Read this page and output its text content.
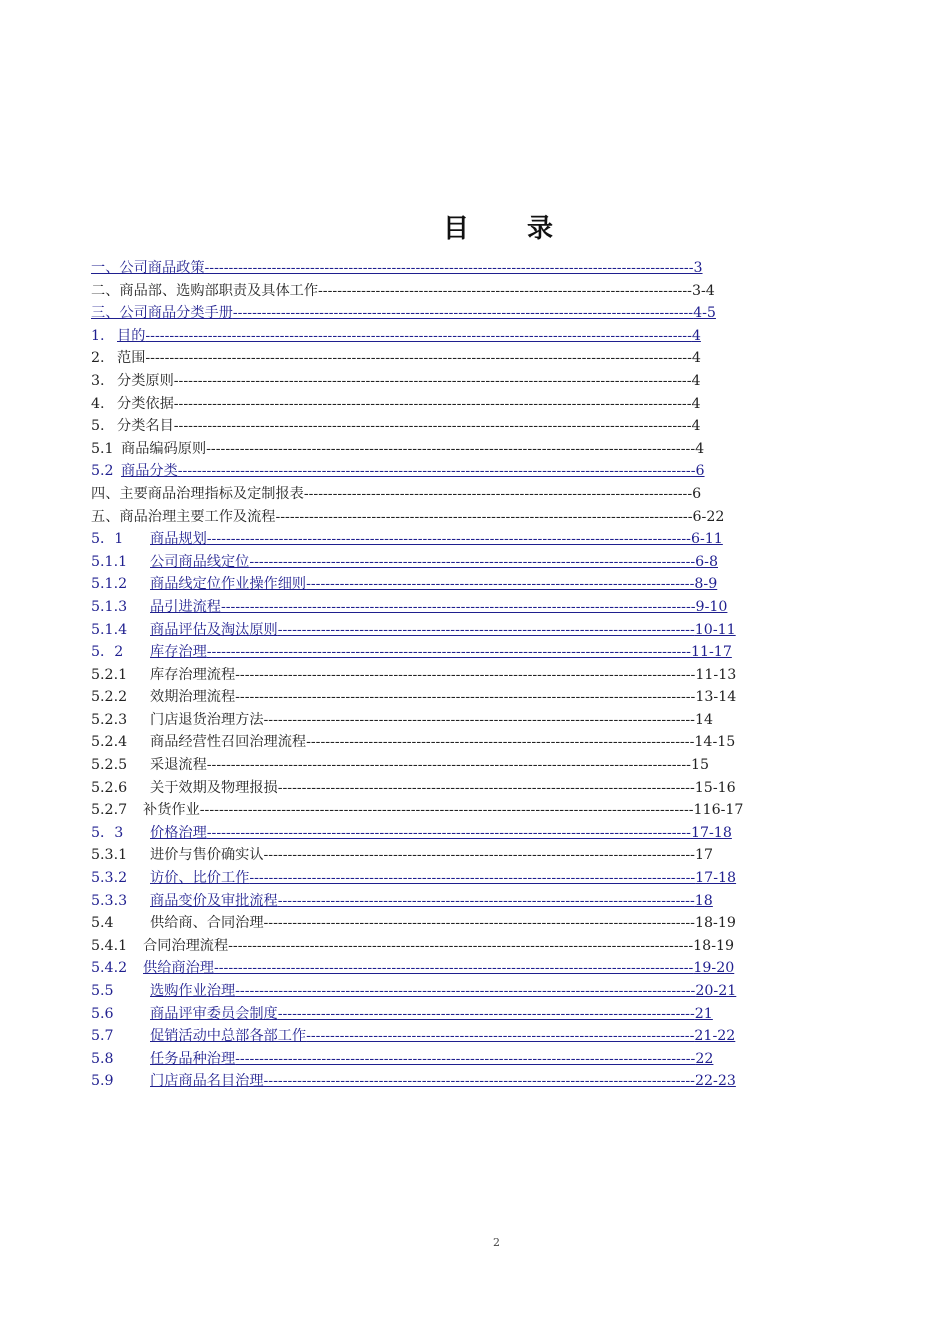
目 录
一、公司商品政策------------------------------------------------------------------------------------------------------3
二、商品部、选购部职责及具体工作------------------------------------------------------------------------------3-4
三、公司商品分类手册------------------------------------------------------------------------------------------------4-5
1. 目的------------------------------------------------------------------------------------------------------------------4
2. 范围------------------------------------------------------------------------------------------------------------------4
3. 分类原则------------------------------------------------------------------------------------------------------------4
4. 分类依据------------------------------------------------------------------------------------------------------------4
5. 分类名目------------------------------------------------------------------------------------------------------------4
5.1 商品编码原则------------------------------------------------------------------------------------------------------4
5.2 商品分类------------------------------------------------------------------------------------------------------------6
四、主要商品治理指标及定制报表---------------------------------------------------------------------------------6
五、商品治理主要工作及流程---------------------------------------------------------------------------------------6-22
5．1 商品规划-----------------------------------------------------------------------------------------------------6-11
5.1.1 公司商品线定位---------------------------------------------------------------------------------------------6-8
5.1.2 商品线定位作业操作细则---------------------------------------------------------------------------------8-9
5.1.3 品引进流程---------------------------------------------------------------------------------------------------9-10
5.1.4 商品评估及淘汰原则---------------------------------------------------------------------------------------10-11
5．2 库存治理-----------------------------------------------------------------------------------------------------11-17
5.2.1 库存治理流程------------------------------------------------------------------------------------------------11-13
5.2.2 效期治理流程------------------------------------------------------------------------------------------------13-14
5.2.3 门店退货治理方法------------------------------------------------------------------------------------------14
5.2.4 商品经营性召回治理流程---------------------------------------------------------------------------------14-15
5.2.5 采退流程-----------------------------------------------------------------------------------------------------15
5.2.6 关于效期及物理报损---------------------------------------------------------------------------------------15-16
5.2.7 补货作业-------------------------------------------------------------------------------------------------------116-17
5．3 价格治理-----------------------------------------------------------------------------------------------------17-18
5.3.1 进价与售价确实认------------------------------------------------------------------------------------------17
5.3.2 访价、比价工作---------------------------------------------------------------------------------------------17-18
5.3.3 商品变价及审批流程---------------------------------------------------------------------------------------18
5.4	供给商、合同治理------------------------------------------------------------------------------------------18-19
5.4.1 合同治理流程-------------------------------------------------------------------------------------------------18-19
5.4.2 供给商治理----------------------------------------------------------------------------------------------------19-20
5.5	选购作业治理------------------------------------------------------------------------------------------------20-21
5.6	商品评审委员会制度---------------------------------------------------------------------------------------21
5.7	促销活动中总部各部工作---------------------------------------------------------------------------------21-22
5.8	任务品种治理------------------------------------------------------------------------------------------------22
5.9	门店商品名目治理------------------------------------------------------------------------------------------22-23
2
